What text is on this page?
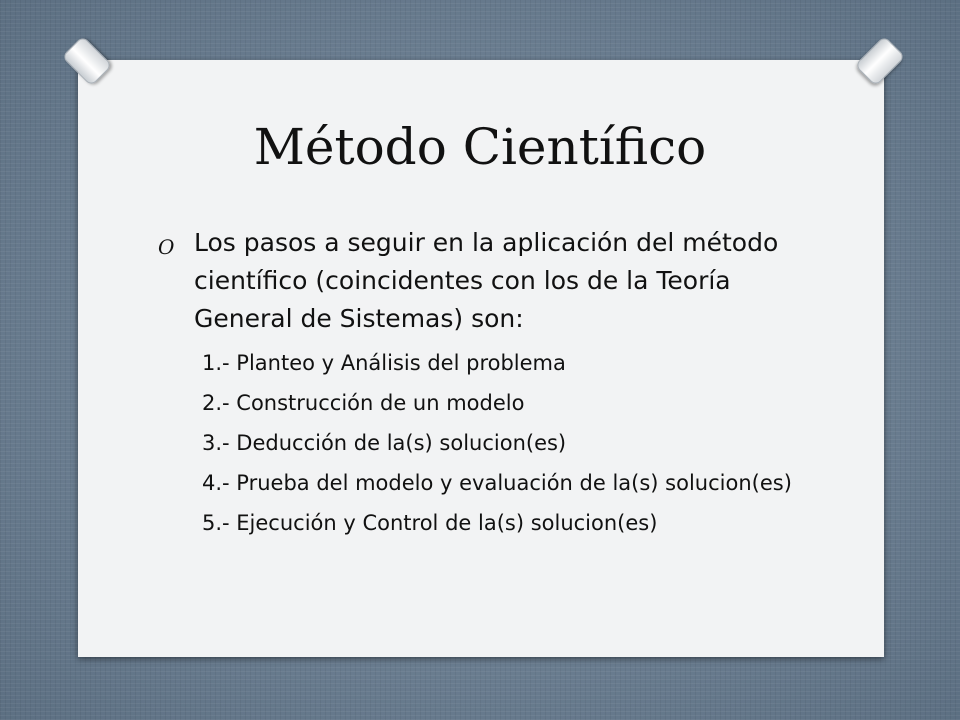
Método Científico
O Los pasos a seguir en la aplicación del método científico (coincidentes con los de la Teoría General de Sistemas) son:

1.- Planteo y Análisis del problema
2.- Construcción de un modelo
3.- Deducción de la(s) solucion(es)
4.- Prueba del modelo y evaluación de la(s) solucion(es)
5.- Ejecución y Control de la(s) solucion(es)
